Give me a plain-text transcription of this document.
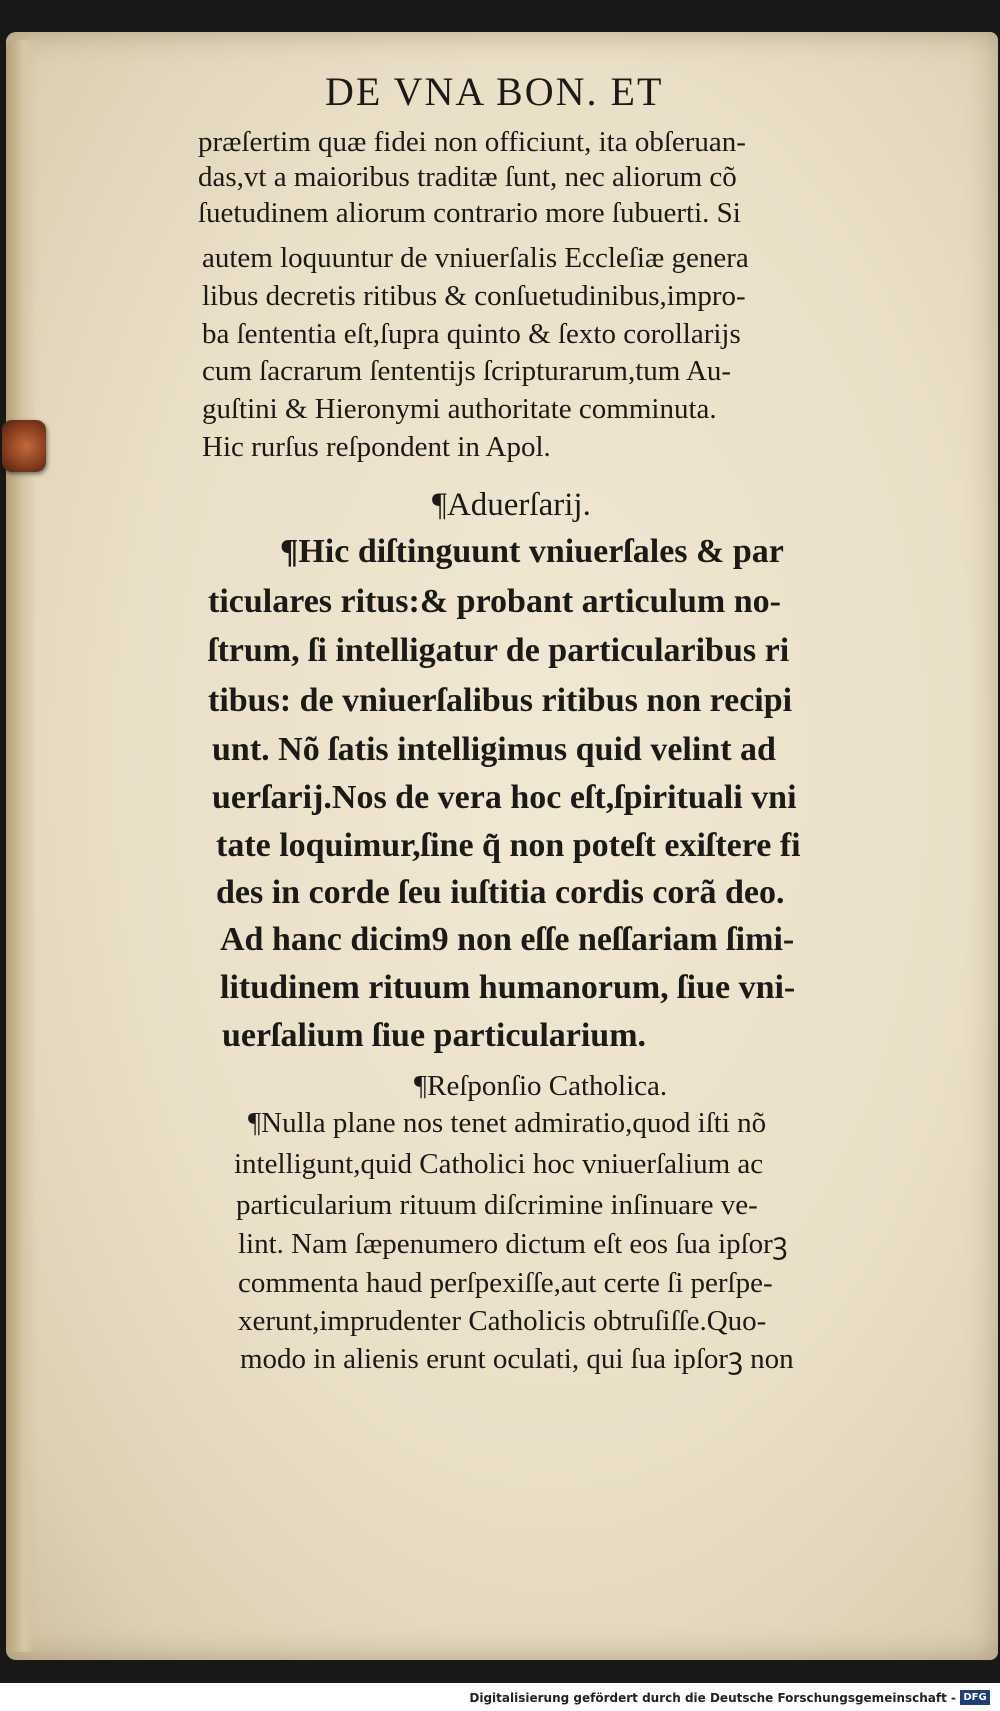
DE VNA BON. ET

præſertim quæ fidei non officiunt, ita obſeruan-

das,vt a maioribus traditæ ſunt, nec aliorum cõ

ſuetudinem aliorum contrario more ſubuerti. Si

autem loquuntur de vniuerſalis Eccleſiæ genera

libus decretis ritibus & conſuetudinibus,impro-

ba ſententia eſt,ſupra quinto & ſexto corollarijs

cum ſacrarum ſententijs ſcripturarum,tum Au-

guſtini & Hieronymi authoritate comminuta.

Hic rurſus reſpondent in Apol.

¶Aduerſarij.

¶Hic diſtinguunt vniuerſales & par

ticulares ritus:& probant articulum no-

ſtrum, ſi intelligatur de particularibus ri

tibus: de vniuerſalibus ritibus non recipi

unt. Nõ ſatis intelligimus quid velint ad

uerſarij.Nos de vera hoc eſt,ſpirituali vni

tate loquimur,ſine q̃ non poteſt exiſtere fi

des in corde ſeu iuſtitia cordis corã deo.

Ad hanc dicim9 non eſſe neſſariam ſimi-

litudinem rituum humanorum, ſiue vni-

uerſalium ſiue particularium.

¶Reſponſio Catholica.

¶Nulla plane nos tenet admiratio,quod iſti nõ

intelligunt,quid Catholici hoc vniuerſalium ac

particularium rituum diſcrimine inſinuare ve-

lint. Nam ſæpenumero dictum eſt eos ſua ipſorꝫ

commenta haud perſpexiſſe,aut certe ſi perſpe-

xerunt,imprudenter Catholicis obtruſiſſe.Quo-

modo in alienis erunt oculati, qui ſua ipſorꝫ non

Digitalisierung gefördert durch die Deutsche Forschungsgemeinschaft - DFG
